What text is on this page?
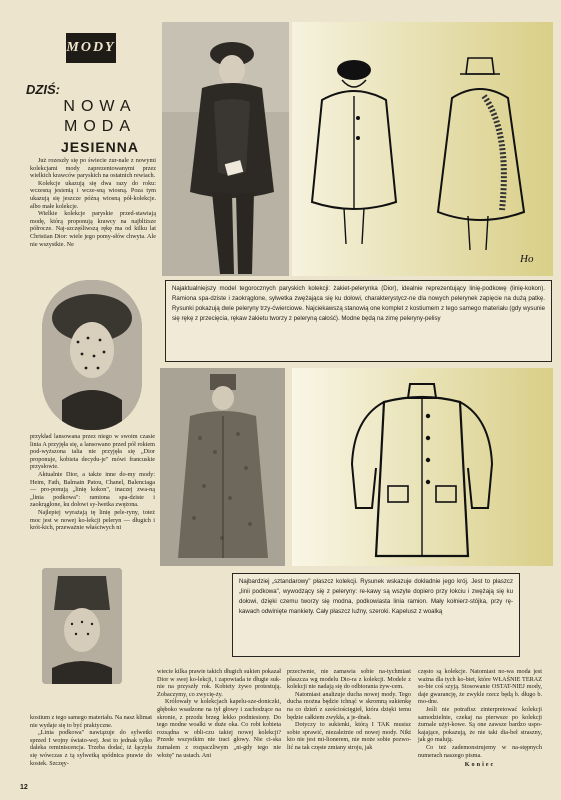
MODY
DZIŚ:
NOWA
MODA
JESIENNA

Już rozeszły się po świecie zur-nale z nowymi kolekcjami mody zaprezentowanymi przez wielkich krawców paryskich na ostatnich rewiach.

Kolekcje ukazują się dwa razy do roku: wczesną jesienią i wcze-sną wiosną. Poza tym ukazują się jeszcze późną wiosną pół-kolekcje. albo małe kolekcje.

Wielkie kolekcje paryskie przed-stawiają modę, którą proponują krawcy na najbliższe półrocze. Naj-szczęśliwszą rękę ma od kilku lat Christian Dior: wiele jego pomy-słów chwyta. Ale nie wszystkie. Ne

Ho
Najaktualniejszy model tegorocznych paryskich kolekcji: żakiet-pelerynka (Dior), idealnie reprezentujący linię-podkowę (linię-kokon). Ramiona spa-dziste i zaokrąglone, sylwetka zwężająca się ku dołowi, charakterystycz-ne dla nowych pelerynek zapięcie na dużą patkę. Rysunki pokazują dwie peleryny trzy-ćwierciowe. Najciekawszą stanowią one komplet z kostiumem z tego samego materiału (gdy wysunie się rękę z przecięcia, rękaw żakietu tworzy z peleryną całość). Modne będą na zimę peleryny-pelisy

przykład lansowana przez niego w swoim czasie linia A przyjęła się, a lansowano przed pół rokiem pod-wyższona talia nie przyjęła się „Dior proponuje, kobieta decydu-je" mówi francuskie przysłowie.

Aktualnie Dior, a także inne do-my mody: Heim, Fath, Balmain Patou, Chanel, Balenciaga — pro-ponują „linię kokon", inaczej zwa-ną „linia podkowa": ramiona spa-dziste i zaokrąglone, ku dołowi sy-lwetka zwężona.

Najlepiej wyrażają tę linię pele-ryny, toteż moc jest w nowej ko-lekcji peleryn — długich i krót-kich, przeważnie właściwych ni

Najbardziej „sztandarowy" płaszcz kolekcji. Rysunek wskazuje dokładnie jego krój. Jest to płaszcz „linii podkowa", wywodzący się z peleryny: re-kawy są wszyte dopiero przy łokciu i zwężają się ku dołowi, dzięki czemu tworzy się modna, podkowiasta linia ramion. Mały kołnierz-stójka, przy rę-kawach odwinięte mankiety. Cały płaszcz luźny, szeroki. Kapelusz z woalką

kostium z tego samego materiału. Na nasz klimat nie wydaje się to być praktyczne.

„Linia podkowa" nawiązuje do sylwetki sprzed I wojny świato-wej. Jest to jednak tylko daleka reminiscencja. Trzeba dodać, iż łączyła się wówczas z tą sylwetką spódnica prawie do kostek. Szczęy-

12

wiecie kilka prawie takich długich sukien pokazał Dior w swej ko-lekcji, i zapowiada te długie suk-nie na przyszły rok. Kobiety żywo protestują. Zobaczymy, co zwycię-ży.

Królowały w kolekcjach kapelu-sze-doniczki, głęboko wsadzone na tył głowy i zachodzące na skronie, z przodu brzeg lekko podniesiony. Do tego modne woalki w duże oka. Co robi kobieta rozsądna w obli-czu takiej nowej kolekcji? Przede wszystkim nie traci głowy. Nie ci-ska żurnalem z rozpaczliwym „ni-gdy tego nie włożę" na ustach. Ani

przeciwnie, nie zamawia sobie na-tychmiast płaszcza wg modelu Dio-ra z kolekcji. Modele z kolekcji nie nadają się do odbiorania żyw-cem.

Natomiast analizuje ducha nowej mody. Tego ducha można będzie tchnąć w skromną sukienkę na co dzień z sześciościęgieł, która dzięki temu będzie całkiem zwykła, a je-dnak.

Dotyczy to sukienki, którą I TAK musisz sobie sprawić, niezależnie od nowej mody. Nikt kto nie jest mi-lionerem, nie może sobie pozwo-lić na tak częste zmiany stroju, jak

często są kolekcje. Natomiast no-wa moda jest ważna dla tych ko-biet, które WŁAŚNIE TERAZ so-bie coś szyją. Stosowanie OSTAT-NIEJ mody, daje gwarancję, że zwykle rzecz będą b. długo b. mo-dne.

Jeśli nie potrafisz zinterpretować kolekcji samodzielnie, czekaj na pierwsze po kolekcji żurnale użyt-kowe. Są one zawsze bardzo uspo-kajające, pokazują, że nie taki dia-beł straszny, jak go malują.

Co też zademonstrujemy w na-stępnych numerach naszego pisma.

Koniec
